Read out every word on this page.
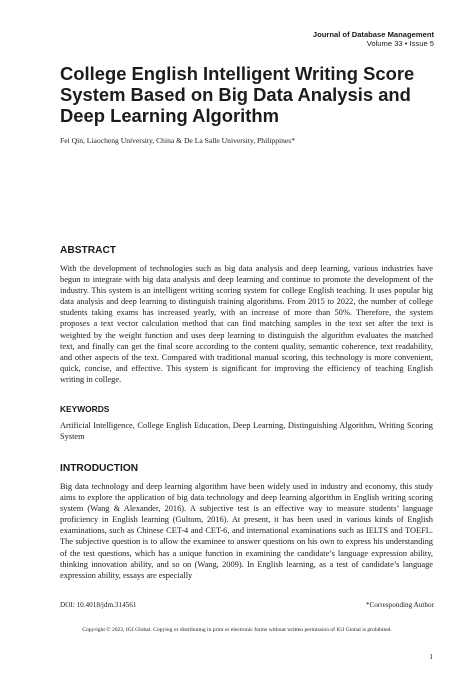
Journal of Database Management
Volume 33 • Issue 5
College English Intelligent Writing Score System Based on Big Data Analysis and Deep Learning Algorithm
Fei Qin, Liaocheng University, China & De La Salle University, Philippines*
ABSTRACT
With the development of technologies such as big data analysis and deep learning, various industries have begun to integrate with big data analysis and deep learning and continue to promote the development of the industry. This system is an intelligent writing scoring system for college English teaching. It uses popular big data analysis and deep learning to distinguish training algorithms. From 2015 to 2022, the number of college students taking exams has increased yearly, with an increase of more than 50%. Therefore, the system proposes a text vector calculation method that can find matching samples in the text set after the text is weighted by the weight function and uses deep learning to distinguish the algorithm evaluates the matched text, and finally can get the final score according to the content quality, semantic coherence, text readability, and other aspects of the text. Compared with traditional manual scoring, this technology is more convenient, quick, concise, and effective. This system is significant for improving the efficiency of teaching English writing in college.
KEYWORDS
Artificial Intelligence, College English Education, Deep Learning, Distinguishing Algorithm, Writing Scoring System
INTRODUCTION
Big data technology and deep learning algorithm have been widely used in industry and economy, this study aims to explore the application of big data technology and deep learning algorithm in English writing scoring system (Wang & Alexander, 2016). A subjective test is an effective way to measure students’ language proficiency in English learning (Gultom, 2016). At present, it has been used in various kinds of English examinations, such as Chinese CET-4 and CET-6, and international examinations such as IELTS and TOEFL. The subjective question is to allow the examinee to answer questions on his own to express his understanding of the test questions, which has a unique function in examining the candidate’s language expression ability, thinking innovation ability, and so on (Wang, 2009). In English learning, as a test of candidate’s language expression ability, essays are especially
DOI: 10.4018/jdm.314561	*Corresponding Author
Copyright © 2022, IGI Global. Copying or distributing in print or electronic forms without written permission of IGI Global is prohibited.
1
